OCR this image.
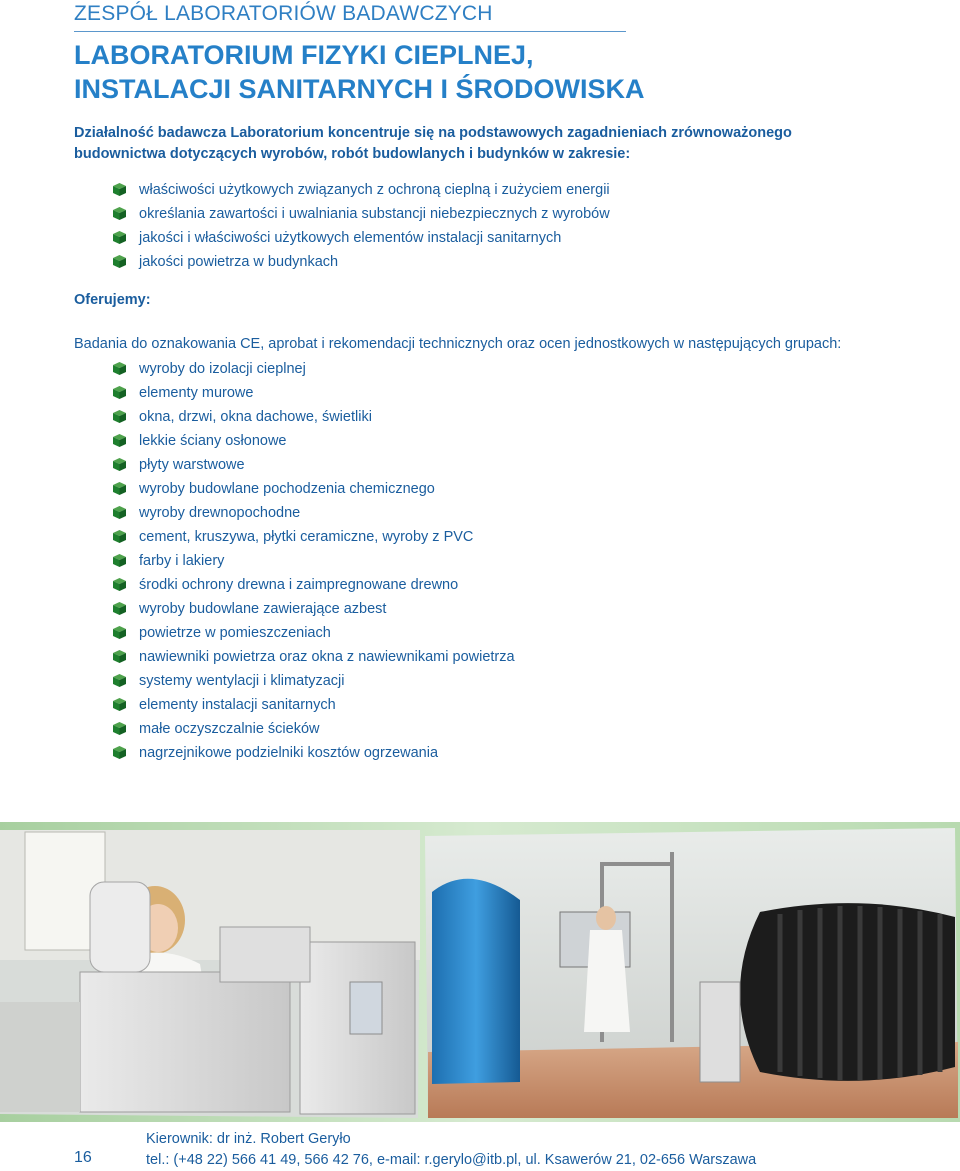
ZESPÓŁ LABORATORIÓW BADAWCZYCH
LABORATORIUM FIZYKI CIEPLNEJ,
INSTALACJI SANITARNYCH I ŚRODOWISKA
Działalność badawcza Laboratorium koncentruje się na podstawowych zagadnieniach zrównoważonego
budownictwa dotyczących wyrobów, robót budowlanych i budynków w zakresie:
właściwości użytkowych związanych z ochroną cieplną i zużyciem energii
określania zawartości i uwalniania substancji niebezpiecznych z wyrobów
jakości i właściwości użytkowych elementów instalacji sanitarnych
jakości powietrza w budynkach
Oferujemy:
Badania do oznakowania CE, aprobat i rekomendacji technicznych oraz ocen jednostkowych w następujących grupach:
wyroby do izolacji cieplnej
elementy murowe
okna, drzwi, okna dachowe, świetliki
lekkie ściany osłonowe
płyty warstwowe
wyroby budowlane pochodzenia chemicznego
wyroby drewnopochodne
cement, kruszywa, płytki ceramiczne, wyroby z PVC
farby i lakiery
środki ochrony drewna i zaimpregnowane drewno
wyroby budowlane zawierające azbest
powietrze w pomieszczeniach
nawiewniki powietrza oraz okna z nawiewnikami powietrza
systemy wentylacji i klimatyzacji
elementy instalacji sanitarnych
małe oczyszczalnie ścieków
nagrzejnikowe podzielniki kosztów ogrzewania
16
Kierownik: dr inż. Robert Geryło
tel.: (+48 22) 566 41 49, 566 42 76, e-mail: r.gerylo@itb.pl, ul. Ksawerów 21, 02-656 Warszawa
